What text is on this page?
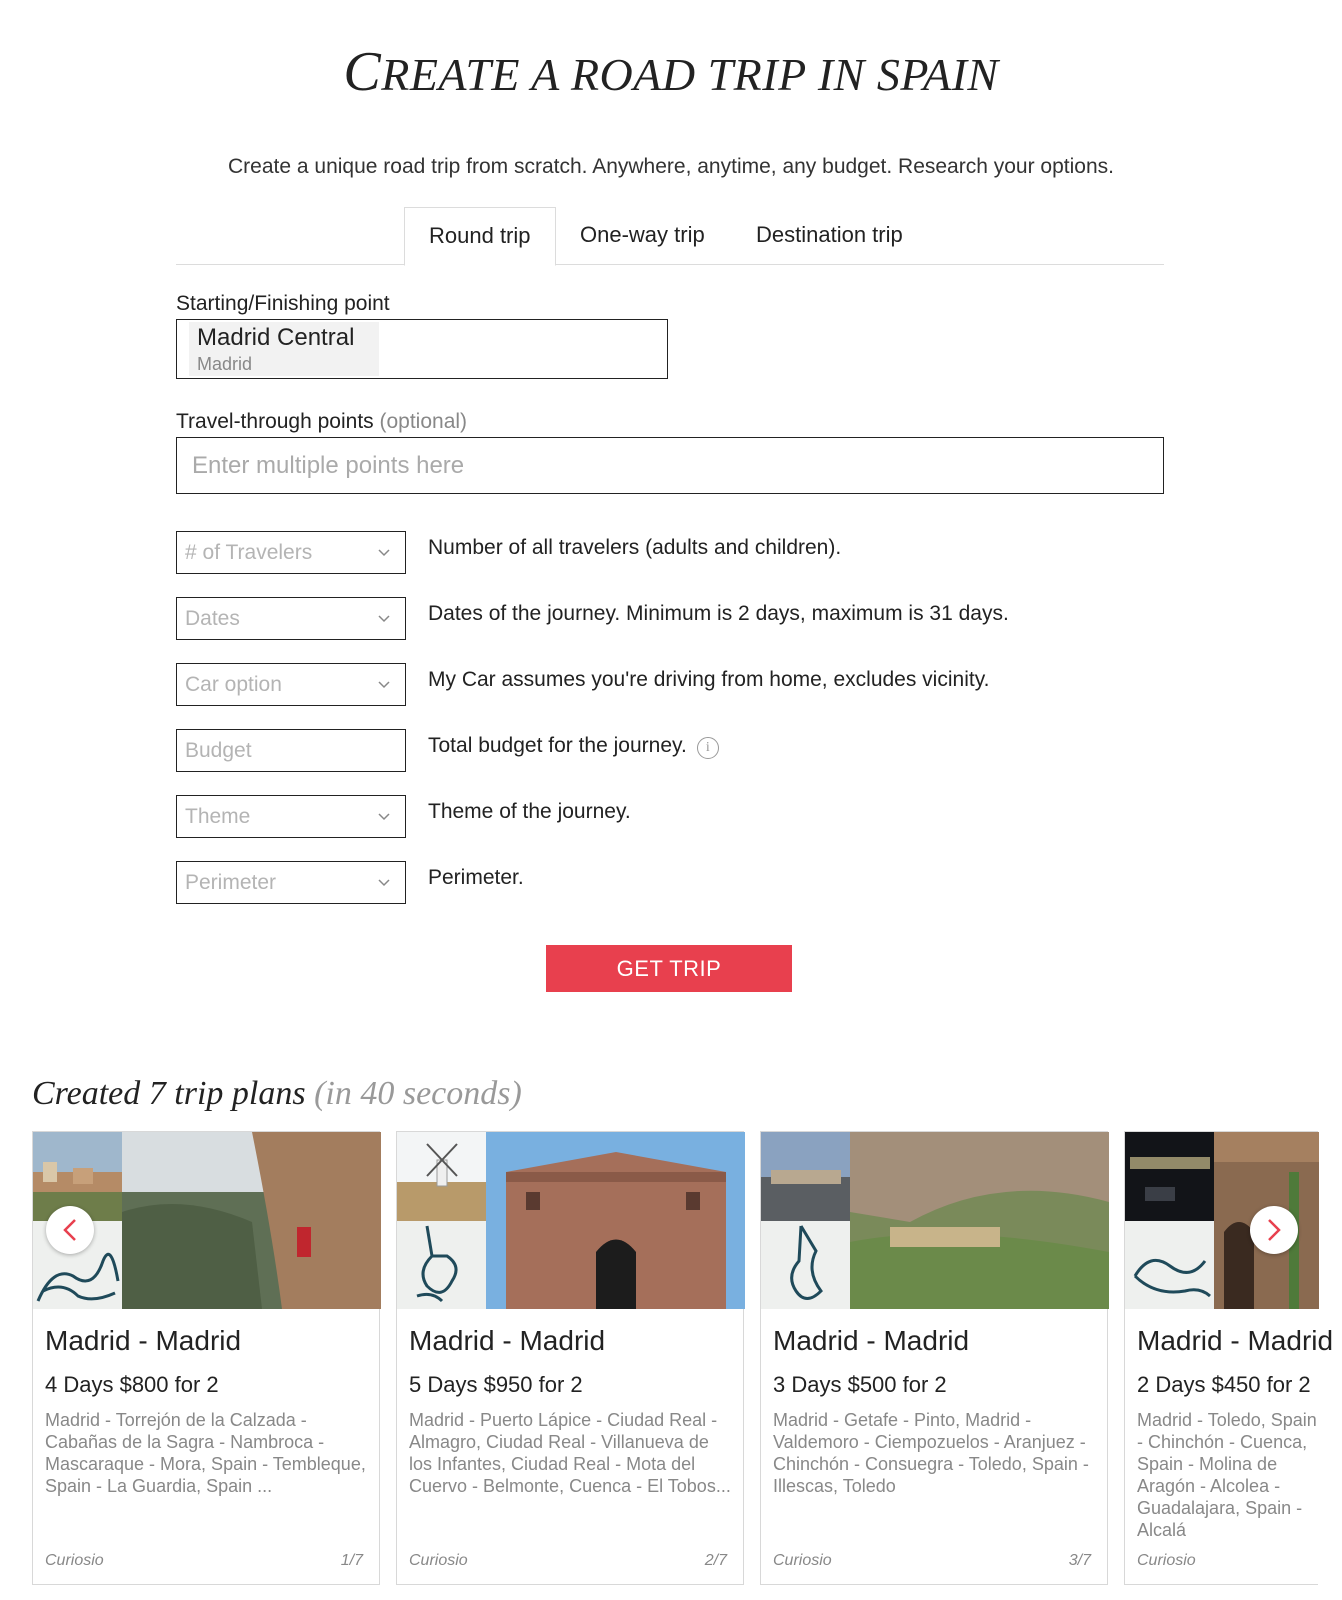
CREATE A ROAD TRIP IN SPAIN
Create a unique road trip from scratch. Anywhere, anytime, any budget. Research your options.
Round trip	One-way trip	Destination trip
Starting/Finishing point
Madrid Central
Madrid
Travel-through points (optional)
Enter multiple points here
# of Travelers	Number of all travelers (adults and children).
Dates	Dates of the journey. Minimum is 2 days, maximum is 31 days.
Car option	My Car assumes you're driving from home, excludes vicinity.
Budget	Total budget for the journey. i
Theme	Theme of the journey.
Perimeter	Perimeter.
GET TRIP
Created 7 trip plans (in 40 seconds)
Madrid - Madrid
4 Days $800 for 2
Madrid - Torrejón de la Calzada - Cabañas de la Sagra - Nambroca - Mascaraque - Mora, Spain - Tembleque, Spain - La Guardia, Spain ...
Curiosio	1/7
Madrid - Madrid
5 Days $950 for 2
Madrid - Puerto Lápice - Ciudad Real - Almagro, Ciudad Real - Villanueva de los Infantes, Ciudad Real - Mota del Cuervo - Belmonte, Cuenca - El Tobos...
Curiosio	2/7
Madrid - Madrid
3 Days $500 for 2
Madrid - Getafe - Pinto, Madrid - Valdemoro - Ciempozuelos - Aranjuez - Chinchón - Consuegra - Toledo, Spain - Illescas, Toledo
Curiosio	3/7
Madrid - Madrid
2 Days $450 for 2
Madrid - Toledo, Spain - Chinchón - Cuenca, Spain - Molina de Aragón - Alcolea - Guadalajara, Spain - Alcalá
Curiosio
